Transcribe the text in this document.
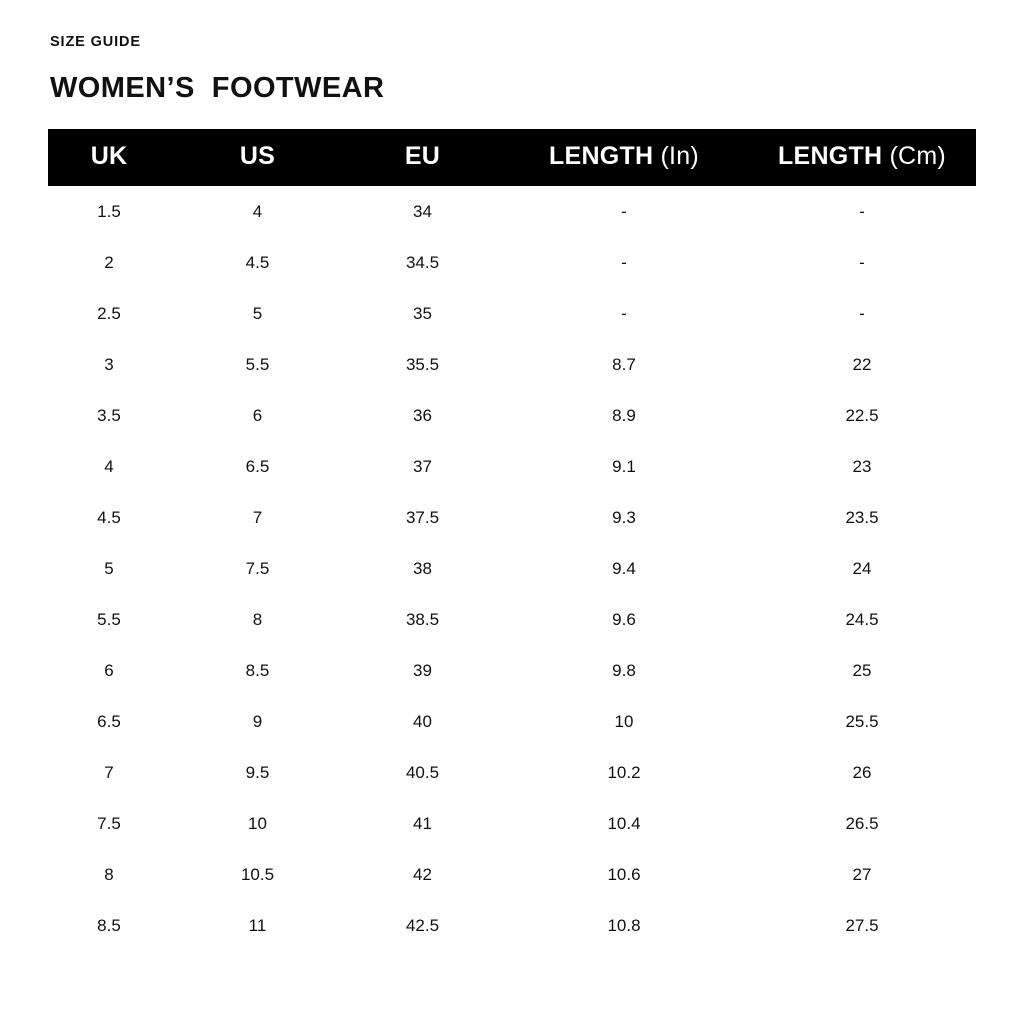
SIZE GUIDE
WOMEN’S  FOOTWEAR
UK	US	EU	LENGTH (In)	LENGTH (Cm)
1.5	4	34	-	-
2	4.5	34.5	-	-
2.5	5	35	-	-
3	5.5	35.5	8.7	22
3.5	6	36	8.9	22.5
4	6.5	37	9.1	23
4.5	7	37.5	9.3	23.5
5	7.5	38	9.4	24
5.5	8	38.5	9.6	24.5
6	8.5	39	9.8	25
6.5	9	40	10	25.5
7	9.5	40.5	10.2	26
7.5	10	41	10.4	26.5
8	10.5	42	10.6	27
8.5	11	42.5	10.8	27.5
